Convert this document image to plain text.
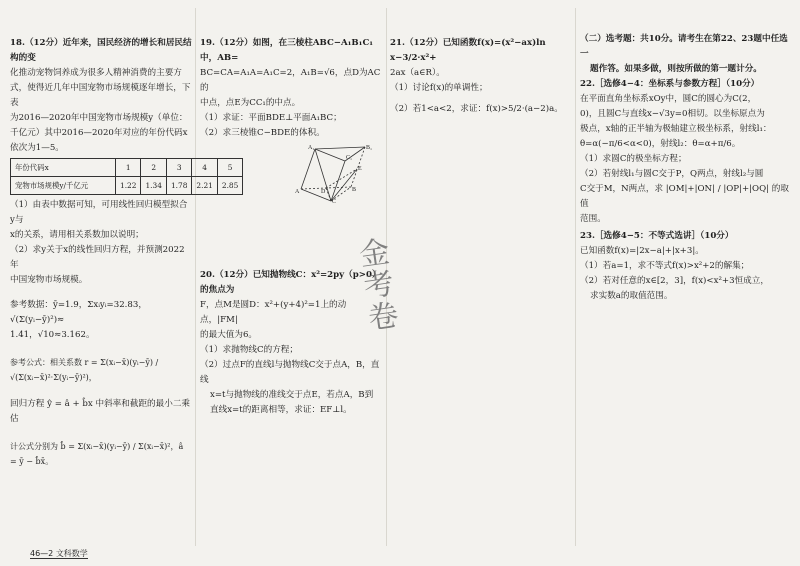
18.（12分）近年来，国民经济的增长和居民结构的变

化推动宠物饲养成为很多人精神消费的主要方

式，使得近几年中国宠物市场规模逐年增长，下表

为2016—2020年中国宠物市场规模y（单位：

千亿元）其中2016—2020年对应的年份代码x

依次为1—5。

年份代码x	1	2	3	4	5
宠物市场规模y/千亿元	1.22	1.34	1.78	2.21	2.85

（1）由表中数据可知，可用线性回归模型拟合y与

x的关系，请用相关系数加以说明；

（2）求y关于x的线性回归方程，并预测2022年

中国宠物市场规模。

参考数据：ȳ=1.9，Σxᵢyᵢ=32.83，√(Σ(yᵢ−ȳ)²)≈

1.41，√10≈3.162。

参考公式：相关系数 r = Σ(xᵢ−x̄)(yᵢ−ȳ) / √(Σ(xᵢ−x̄)²·Σ(yᵢ−ȳ)²)，

回归方程 ŷ = â + b̂x 中斜率和截距的最小二乘估

计公式分别为 b̂ = Σ(xᵢ−x̄)(yᵢ−ȳ) / Σ(xᵢ−x̄)²，â = ȳ − b̂x̄。

19.（12分）如图，在三棱柱ABC−A₁B₁C₁中，AB=

BC=CA=A₁A=A₁C=2，A₁B=√6，点D为AC的

中点，点E为CC₁的中点。

（1）求证：平面BDE⊥平面A₁BC；

（2）求三棱锥C−BDE的体积。

A₁	B₁
C₁
A	B
C
D
E

20.（12分）已知抛物线C：x²=2py（p>0）的焦点为

F，点M是圆D：x²+(y+4)²=1上的动点，|FM|

的最大值为6。

（1）求抛物线C的方程；

（2）过点F的直线l与抛物线C交于点A，B，直线

x=t与抛物线的准线交于点E，若点A，B到

直线x=t的距离相等，求证：EF⊥l。

金
考
卷

21.（12分）已知函数f(x)=(x²−ax)ln x−3/2·x²+

2ax（a∈R）。

（1）讨论f(x)的单调性；

（2）若1<a<2，求证：f(x)>5/2·(a−2)a。

（二）选考题：共10分。请考生在第22、23题中任选一

题作答。如果多做，则按所做的第一题计分。

22.［选修4−4：坐标系与参数方程］（10分）

在平面直角坐标系xOy中，圆C的圆心为C(2，

0)，且圆C与直线x−√3y=0相切。以坐标原点为

极点，x轴的正半轴为极轴建立极坐标系，射线l₁：

θ=α(−π/6<α<0)，射线l₂：θ=α+π/6。

（1）求圆C的极坐标方程；

（2）若射线l₁与圆C交于P，Q两点，射线l₂与圆

C交于M，N两点，求 |OM|+|ON| / |OP|+|OQ| 的取值

范围。

23.［选修4−5：不等式选讲］（10分）

已知函数f(x)=|2x−a|+|x+3|。

（1）若a=1，求不等式f(x)>x²+2的解集；

（2）若对任意的x∈[2，3]，f(x)<x²+3恒成立，

求实数a的取值范围。

46—2 文科数学
